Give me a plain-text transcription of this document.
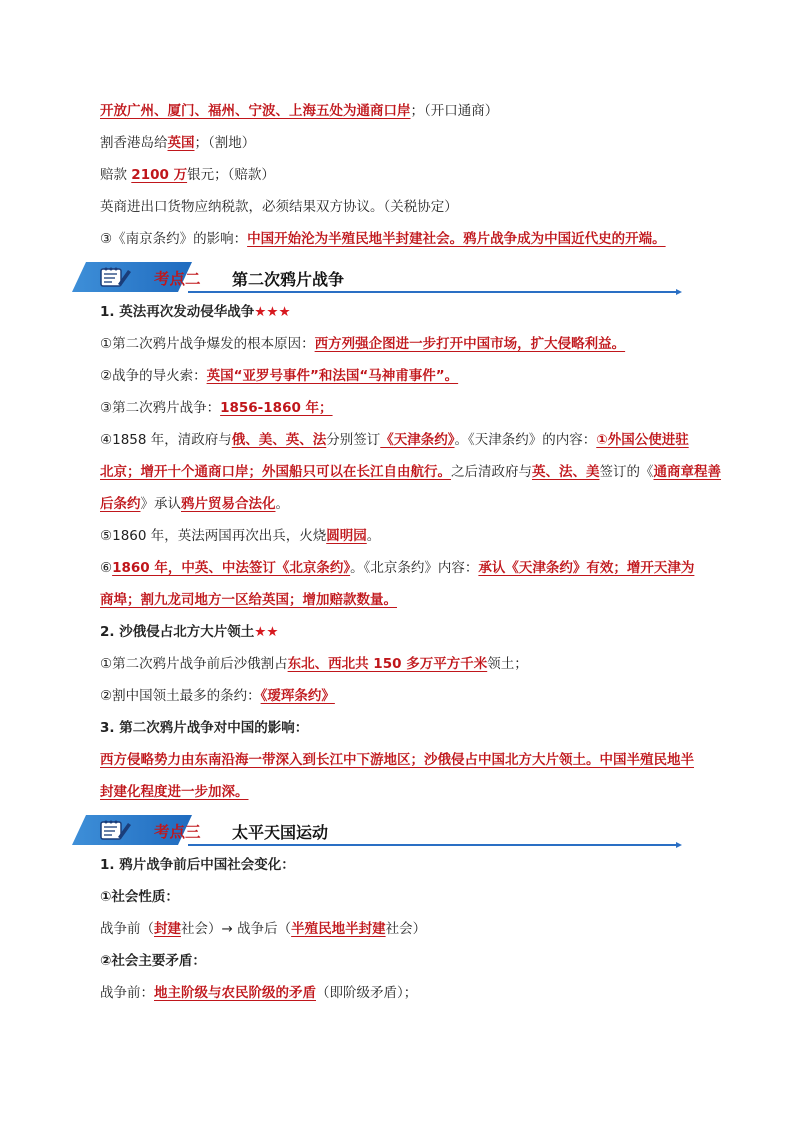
开放广州、厦门、福州、宁波、上海五处为通商口岸；（开口通商）
割香港岛给英国；（割地）
赔款 2100 万银元；（赔款）
英商进出口货物应纳税款，必须结果双方协议。（关税协定）
③《南京条约》的影响：中国开始沦为半殖民地半封建社会。鸦片战争成为中国近代史的开端。
考点二 第二次鸦片战争
1. 英法再次发动侵华战争★★★
①第二次鸦片战争爆发的根本原因：西方列强企图进一步打开中国市场，扩大侵略利益。
②战争的导火索：英国“亚罗号事件”和法国“马神甫事件”。
③第二次鸦片战争：1856-1860 年；
④1858 年，清政府与俄、美、英、法分别签订《天津条约》。《天津条约》的内容：①外国公使进驻
北京；增开十个通商口岸；外国船只可以在长江自由航行。之后清政府与英、法、美签订的《通商章程善
后条约》承认鸦片贸易合法化。
⑤1860 年，英法两国再次出兵，火烧圆明园。
⑥1860 年，中英、中法签订《北京条约》。《北京条约》内容：承认《天津条约》有效；增开天津为
商埠；割九龙司地方一区给英国；增加赔款数量。
2. 沙俄侵占北方大片领土★★
①第二次鸦片战争前后沙俄割占东北、西北共 150 多万平方千米领土；
②割中国领土最多的条约：《瑷珲条约》
3. 第二次鸦片战争对中国的影响：
西方侵略势力由东南沿海一带深入到长江中下游地区；沙俄侵占中国北方大片领土。中国半殖民地半
封建化程度进一步加深。
考点三 太平天国运动
1. 鸦片战争前后中国社会变化：
①社会性质：
战争前（封建社会）→ 战争后（半殖民地半封建社会）
②社会主要矛盾：
战争前：地主阶级与农民阶级的矛盾（即阶级矛盾）；
